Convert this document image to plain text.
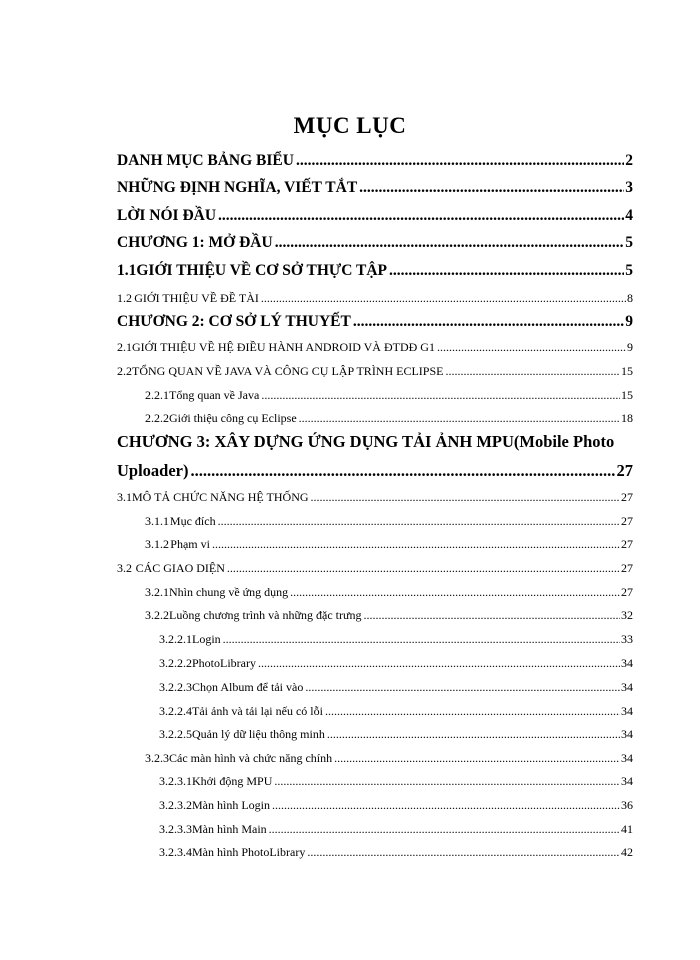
MỤC LỤC
DANH MỤC BẢNG BIỂU .....	2
NHỮNG ĐỊNH NGHĨA, VIẾT TẮT .....	3
LỜI NÓI ĐẦU .....	4
CHƯƠNG 1: MỞ ĐẦU .....	5
1.1 GIỚI THIỆU VỀ CƠ SỞ THỰC TẬP .....	5
1.2 GIỚI THIỆU VỀ ĐỀ TÀI .....	8
CHƯƠNG 2: CƠ SỞ LÝ THUYẾT .....	9
2.1 GIỚI THIỆU VỀ HỆ ĐIỀU HÀNH ANDROID VÀ ĐTDĐ G1 .....	9
2.2 TỔNG QUAN VỀ JAVA VÀ CÔNG CỤ LẬP TRÌNH ECLIPSE .....	15
2.2.1 Tổng quan về Java .....	15
2.2.2 Giới thiệu công cụ Eclipse .....	18
CHƯƠNG 3: XÂY DỰNG ỨNG DỤNG TẢI ẢNH MPU(Mobile Photo
Uploader) .....	27
3.1 MÔ TẢ CHỨC NĂNG HỆ THỐNG .....	27
3.1.1 Mục đích .....	27
3.1.2 Phạm vi .....	27
3.2 CÁC GIAO DIỆN .....	27
3.2.1 Nhìn chung về ứng dụng .....	27
3.2.2 Luồng chương trình và những đặc trưng .....	32
3.2.2.1 Login .....	33
3.2.2.2 PhotoLibrary .....	34
3.2.2.3 Chọn Album để tải vào .....	34
3.2.2.4 Tải ảnh và tải lại nếu có lỗi .....	34
3.2.2.5 Quản lý dữ liệu thông minh .....	34
3.2.3 Các màn hình và chức năng chính .....	34
3.2.3.1 Khởi động MPU .....	34
3.2.3.2 Màn hình Login .....	36
3.2.3.3 Màn hình Main .....	41
3.2.3.4 Màn hình PhotoLibrary .....	42
